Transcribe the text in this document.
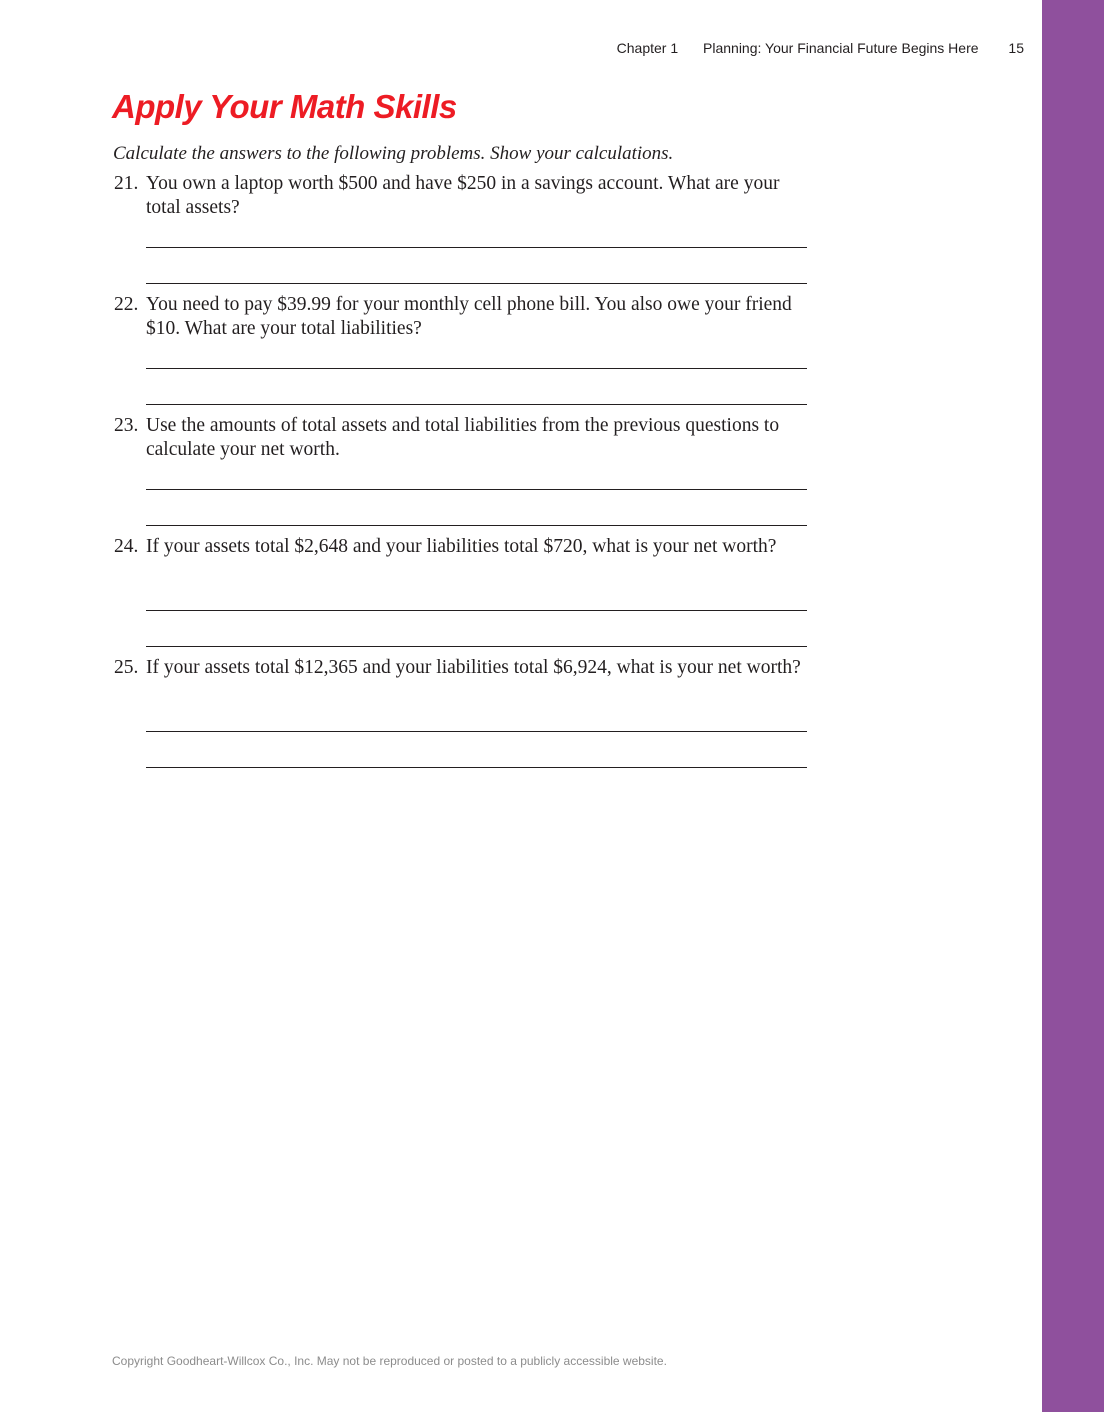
Chapter 1 Planning: Your Financial Future Begins Here 15
Apply Your Math Skills

Calculate the answers to the following problems. Show your calculations.

21. You own a laptop worth $500 and have $250 in a savings account. What are your total assets?
22. You need to pay $39.99 for your monthly cell phone bill. You also owe your friend $10. What are your total liabilities?
23. Use the amounts of total assets and total liabilities from the previous questions to calculate your net worth.
24. If your assets total $2,648 and your liabilities total $720, what is your net worth?
25. If your assets total $12,365 and your liabilities total $6,924, what is your net worth?

Copyright Goodheart-Willcox Co., Inc. May not be reproduced or posted to a publicly accessible website.
